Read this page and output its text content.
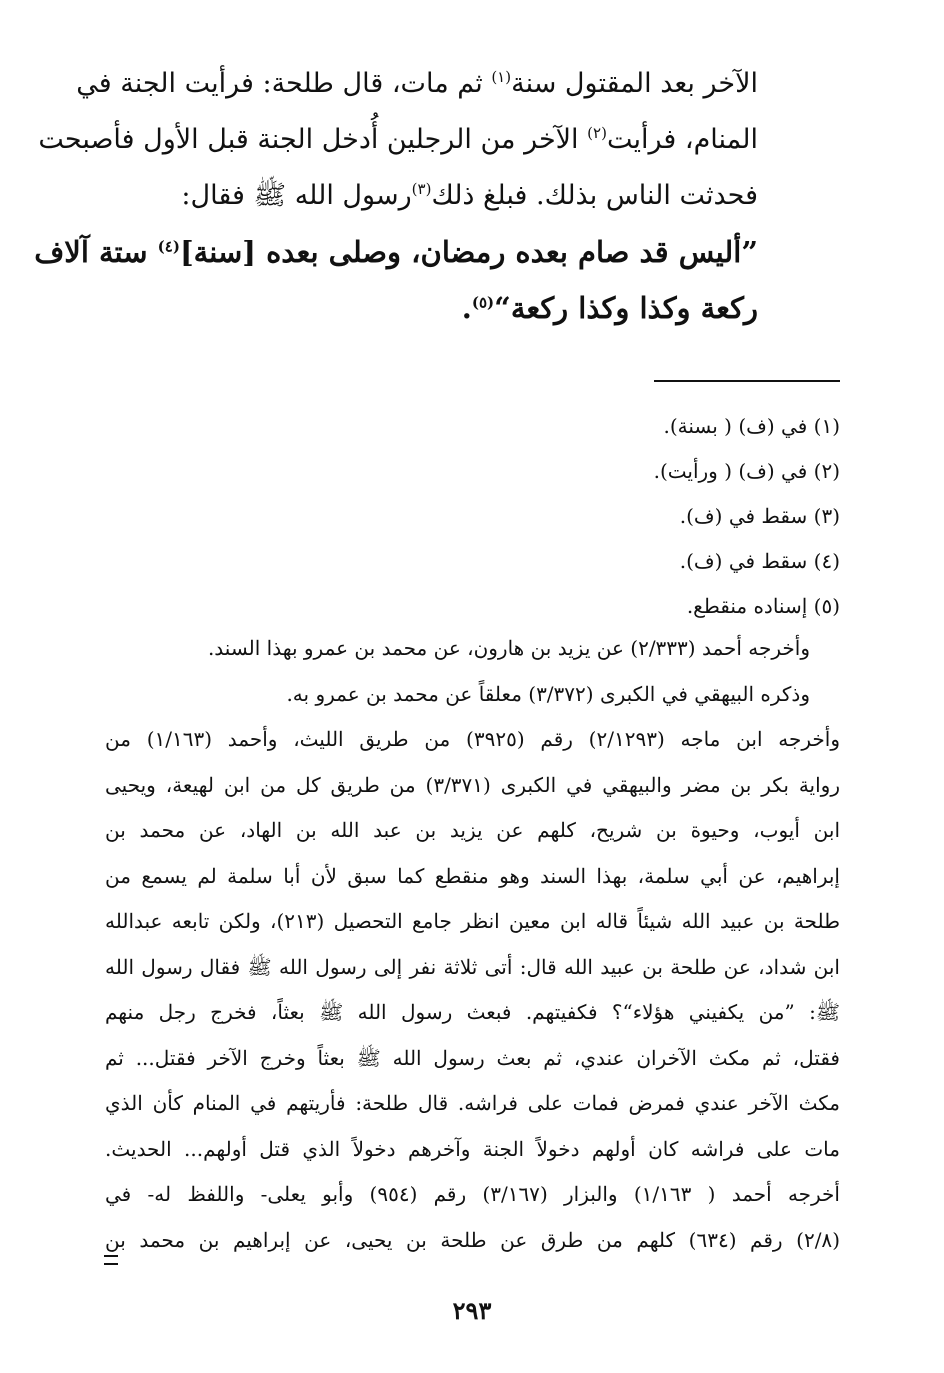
الآخر بعد المقتول سنة$^{(١)}$ ثم مات، قال طلحة: فرأيت الجنة في
المنام، فرأيت$^{(٢)}$ الآخر من الرجلين أُدخل الجنة قبل الأول فأصبحت
فحدثت الناس بذلك. فبلغ ذلك$^{(٣)}$رسول الله ﷺ فقال:
”أليس قد صام بعده رمضان، وصلى بعده [سنة]$^{(٤)}$ ستة آلاف
ركعة وكذا وكذا ركعة“$^{(٥)}$.
(١) في (ف) ( بسنة).
(٢) في (ف) ( ورأيت).
(٣) سقط في (ف).
(٤) سقط في (ف).
(٥) إسناده منقطع.
وأخرجه أحمد (٢/٣٣٣) عن يزيد بن هارون، عن محمد بن عمرو بهذا السند.
وذكره البيهقي في الكبرى (٣/٣٧٢) معلقاً عن محمد بن عمرو به.
وأخرجه ابن ماجه (٢/١٢٩٣) رقم (٣٩٢٥) من طريق الليث، وأحمد (١/١٦٣) من
رواية بكر بن مضر والبيهقي في الكبرى (٣/٣٧١) من طريق كل من ابن لهيعة، ويحيى
ابن أيوب، وحيوة بن شريح، كلهم عن يزيد بن عبد الله بن الهاد، عن محمد بن
إبراهيم، عن أبي سلمة، بهذا السند وهو منقطع كما سبق لأن أبا سلمة لم يسمع من
طلحة بن عبيد الله شيئاً قاله ابن معين انظر جامع التحصيل (٢١٣)، ولكن تابعه عبدالله
ابن شداد، عن طلحة بن عبيد الله قال: أتى ثلاثة نفر إلى رسول الله ﷺ فقال رسول الله
ﷺ: ”من يكفيني هؤلاء“؟ فكفيتهم. فبعث رسول الله ﷺ بعثاً، فخرج رجل منهم
فقتل، ثم مكث الآخران عندي، ثم بعث رسول الله ﷺ بعثاً وخرج الآخر فقتل... ثم
مكث الآخر عندي فمرض فمات على فراشه. قال طلحة: فأريتهم في المنام كأن الذي
مات على فراشه كان أولهم دخولاً الجنة وآخرهم دخولاً الذي قتل أولهم... الحديث.
أخرجه أحمد ( ١/١٦٣) والبزار (٣/١٦٧) رقم (٩٥٤) وأبو يعلى- واللفظ له- في
(٢/٨) رقم (٦٣٤) كلهم من طرق عن طلحة بن يحيى، عن إبراهيم بن محمد بن
٢٩٣
